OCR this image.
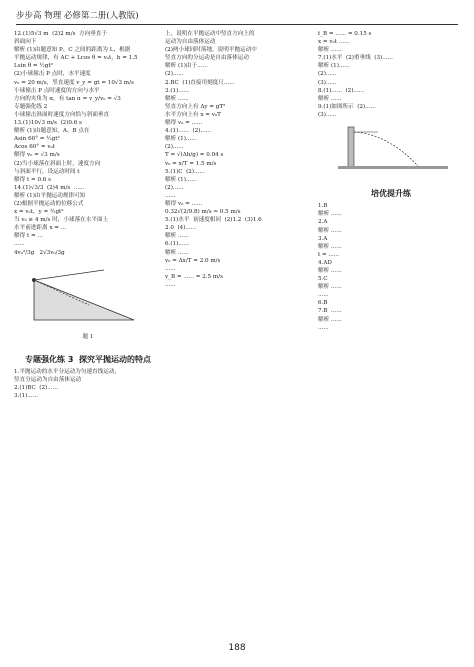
步步高 物理 必修第二册(人教版)
12.(1)5√3 m  (2)2 m/s  方向垂直于
斜面向下
解析 (1)由题意知 P、C 之间的距离为 L，根据
平抛运动规律，有 AC + Lcos θ = v₀t，h = 1.5
Lsin θ = ½gt²
(2)小球撞击 P 点时，水平速度
v₀ = 20 m/s，竖直速度 v_y = gt = 10√3 m/s
小球撞击 P 点时速度的方向与水平
方向的夹角为 α，有 tan α = v_y/v₀ = √3
专题强化练 2
小球撞击斜面时速度方向恰与斜面垂直
13.(1)10√3 m/s  (2)0.6 s
解析 (1)由题意知，A、B 点在
Asin 60° = ½gt²
Acos 60° = v₀t
解得 v₀ = √3 m/s
(2)当小球落在斜面上时，速度方向
与斜面平行，设运动时间 t
解得 t = 0.6 s
14.(1)√3/3  (2)4 m/s  ......
解析 (1)由平抛运动规律可知
(2)根据平抛运动的位移公式
x = v₀t，y = ½gt²
当 v₀ ≥ 4 m/s 时，小球落在水平面上
水平前进距离 x = ...
解得 t = ...
......
4v₀²/3g   2√3v₀/3g
题 1
专题强化练 3  探究平抛运动的特点
1.平抛运动的水平分运动为匀速直线运动，
竖直分运动为自由落体运动
2.(1)BC  (2)......
3.(1)......
上，说明在平抛运动中竖直方向上的
运动为自由落体运动
(2)两小球同时落地，说明平抛运动中
竖直方向的分运动是自由落体运动
解析 (1)由于......
(2)......
2.BC  (1)直接用刻度尺......
3.(1)......
解析 ......
竖直方向上有 Δy = gT²
水平方向上有 x = v₀T
解得 v₀ = ......
4.(1)......  (2)......
解析 (1)......
(2)......
T = √(Δh/g) = 0.04 s
v₀ = x/T = 1.5 m/s
5.(1)C  (2)......
解析 (1)......
(2)......
......
解得 v₀ = ......
0.32√(2/9.8) m/s ≈ 0.5 m/s
5.(1)水平  初速度相同  (2)1.2  (3)1.6
2.0  (4)......
解析 ......
6.(1)......
解析 ......
v₀ = Δx/T = 2.0 m/s
......
v_B = ...... = 2.5 m/s
......
t_B = ...... = 0.15 s
x = v₀t ......
解析 ......
7.(1)水平  (2)重垂线  (3)......
解析 (1)......
(2)......
(3)......
8.(1)......  (2)......
解析 ......
9.(1)如图所示  (2)......
(3)......
培优提升练
1.B
解析 ......
2.A
解析 ......
3.A
解析 ......
t = ......
4.AD
解析 ......
5.C
解析 ......
......
6.B
7.B  ......
解析 ......
......
188
